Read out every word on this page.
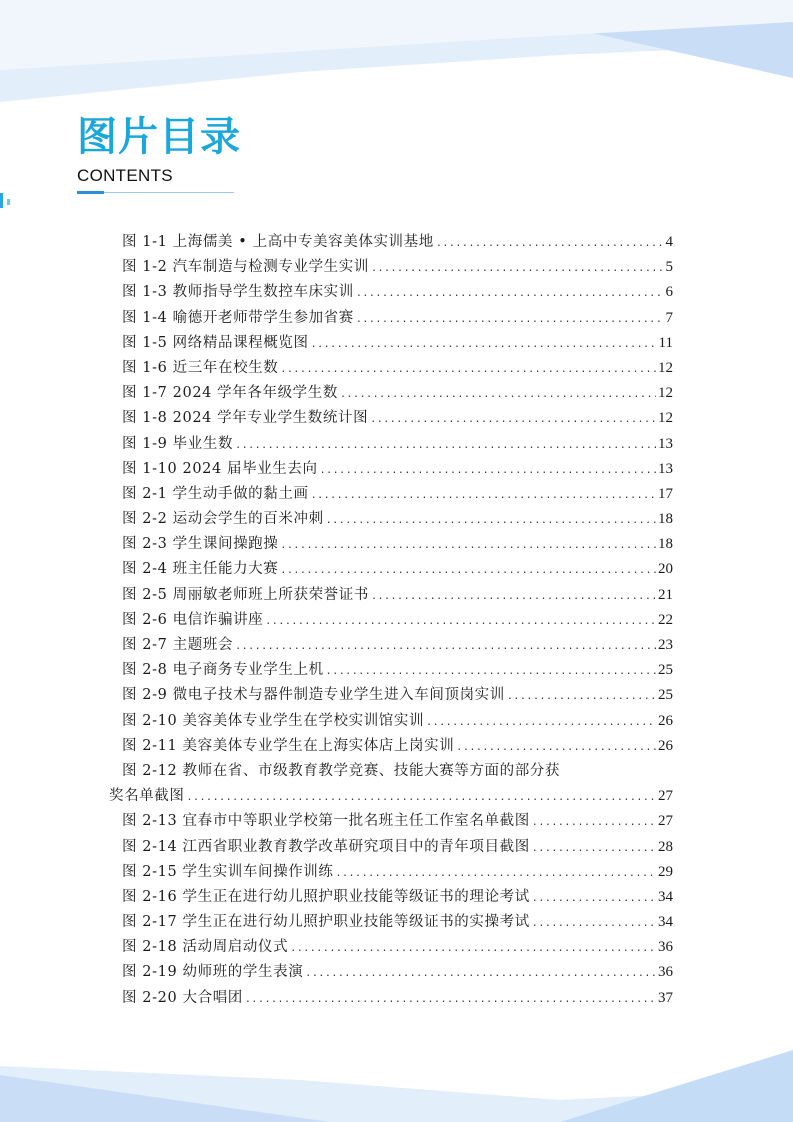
图片目录
CONTENTS
图 1-1 上海儒美 • 上高中专美容美体实训基地 .....	4
图 1-2 汽车制造与检测专业学生实训 .....	5
图 1-3 教师指导学生数控车床实训 .....	6
图 1-4 喻德开老师带学生参加省赛 .....	7
图 1-5 网络精品课程概览图 .....	11
图 1-6 近三年在校生数 .....	12
图 1-7 2024 学年各年级学生数 .....	12
图 1-8 2024 学年专业学生数统计图 .....	12
图 1-9 毕业生数 .....	13
图 1-10 2024 届毕业生去向 .....	13
图 2-1 学生动手做的黏土画 .....	17
图 2-2 运动会学生的百米冲刺 .....	18
图 2-3 学生课间操跑操 .....	18
图 2-4 班主任能力大赛 .....	20
图 2-5 周丽敏老师班上所获荣誉证书 .....	21
图 2-6 电信诈骗讲座 .....	22
图 2-7 主题班会 .....	23
图 2-8 电子商务专业学生上机 .....	25
图 2-9 微电子技术与器件制造专业学生进入车间顶岗实训 .....	25
图 2-10 美容美体专业学生在学校实训馆实训 .....	26
图 2-11 美容美体专业学生在上海实体店上岗实训 .....	26
图 2-12 教师在省、市级教育教学竞赛、技能大赛等方面的部分获
奖名单截图 .....	27
图 2-13 宜春市中等职业学校第一批名班主任工作室名单截图 .....	27
图 2-14 江西省职业教育教学改革研究项目中的青年项目截图 .....	28
图 2-15 学生实训车间操作训练 .....	29
图 2-16 学生正在进行幼儿照护职业技能等级证书的理论考试 .....	34
图 2-17 学生正在进行幼儿照护职业技能等级证书的实操考试 .....	34
图 2-18 活动周启动仪式 .....	36
图 2-19 幼师班的学生表演 .....	36
图 2-20 大合唱团 .....	37
